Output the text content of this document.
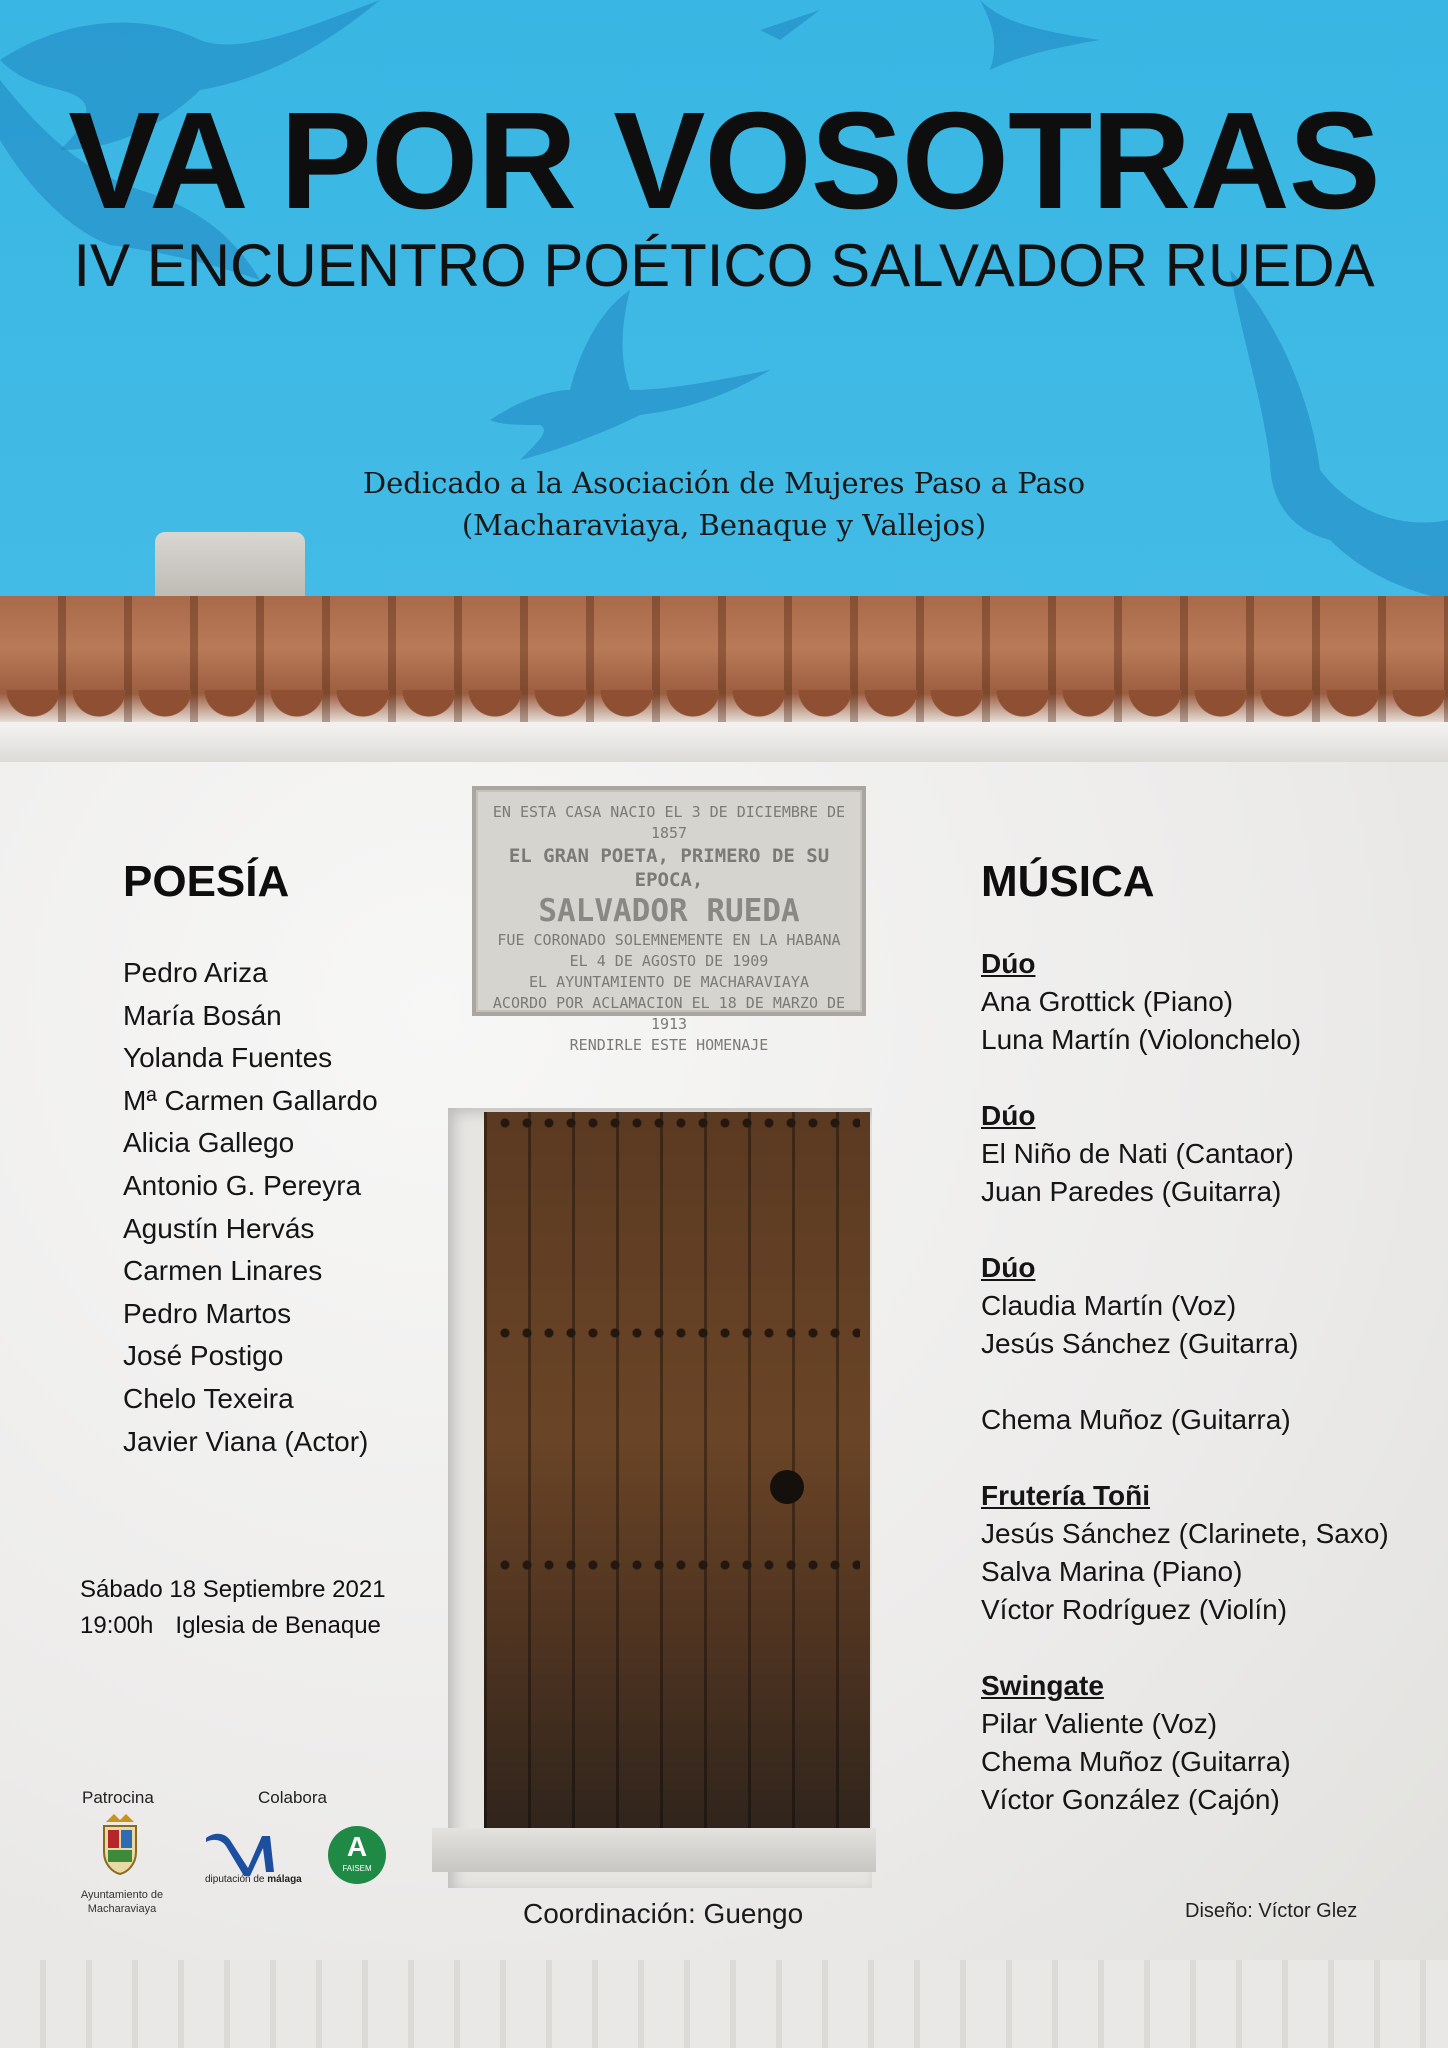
VA POR VOSOTRAS
IV ENCUENTRO POÉTICO SALVADOR RUEDA
Dedicado a la Asociación de Mujeres Paso a Paso
(Macharaviaya, Benaque y Vallejos)
EN ESTA CASA NACIO EL 3 DE DICIEMBRE DE 1857
EL GRAN POETA, PRIMERO DE SU EPOCA,
SALVADOR RUEDA
FUE CORONADO SOLEMNEMENTE EN LA HABANA
EL 4 DE AGOSTO DE 1909
EL AYUNTAMIENTO DE MACHARAVIAYA
ACORDO POR ACLAMACION EL 18 DE MARZO DE 1913
RENDIRLE ESTE HOMENAJE
POESÍA
Pedro Ariza
María Bosán
Yolanda Fuentes
Mª Carmen Gallardo
Alicia Gallego
Antonio G. Pereyra
Agustín Hervás
Carmen Linares
Pedro Martos
José Postigo
Chelo Texeira
Javier Viana (Actor)
MÚSICA
Dúo
Ana Grottick (Piano)
Luna Martín (Violonchelo)
Dúo
El Niño de Nati (Cantaor)
Juan Paredes (Guitarra)
Dúo
Claudia Martín (Voz)
Jesús Sánchez (Guitarra)
Chema Muñoz (Guitarra)
Frutería Toñi
Jesús Sánchez (Clarinete, Saxo)
Salva Marina (Piano)
Víctor Rodríguez (Violín)
Swingate
Pilar Valiente (Voz)
Chema Muñoz (Guitarra)
Víctor González (Cajón)
Sábado 18 Septiembre 2021
19:00h Iglesia de Benaque
Patrocina	Colabora
Ayuntamiento de
Macharaviaya
diputación de málaga
A
FAISEM
Coordinación: Guengo	Diseño: Víctor Glez
